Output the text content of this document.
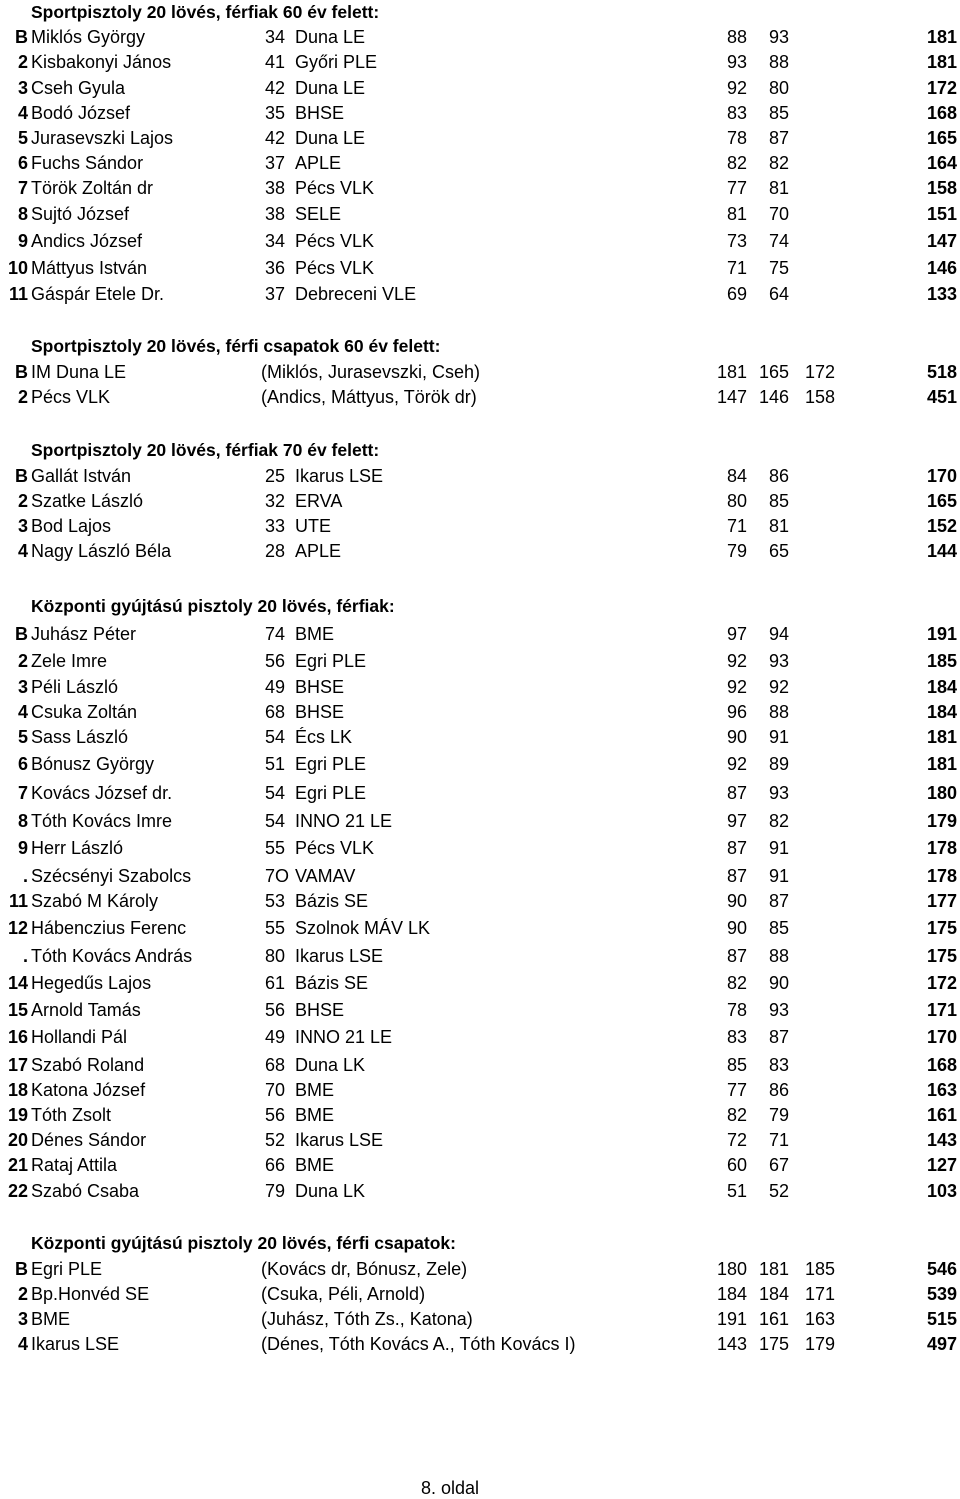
Sportpisztoly 20 lövés, férfiak 60 év felett:
B Miklós György	34 Duna LE	88 93	181
2 Kisbakonyi János	41 Győri PLE	93 88	181
3 Cseh Gyula	42 Duna LE	92 80	172
4 Bodó József	35 BHSE	83 85	168
5 Jurasevszki Lajos	42 Duna LE	78 87	165
6 Fuchs Sándor	37 APLE	82 82	164
7 Török Zoltán dr	38 Pécs VLK	77 81	158
8 Sujtó József	38 SELE	81 70	151
9 Andics József	34 Pécs VLK	73 74	147
10 Máttyus István	36 Pécs VLK	71 75	146
11 Gáspár Etele Dr.	37 Debreceni VLE	69 64	133
Sportpisztoly 20 lövés, férfi csapatok 60 év felett:
B IM Duna LE	(Miklós, Jurasevszki, Cseh)	181 165 172	518
2 Pécs VLK	(Andics, Máttyus, Török dr)	147 146 158	451
Sportpisztoly 20 lövés, férfiak 70 év felett:
B Gallát István	25 Ikarus LSE	84 86	170
2 Szatke László	32 ERVA	80 85	165
3 Bod Lajos	33 UTE	71 81	152
4 Nagy László Béla	28 APLE	79 65	144
Központi gyújtású pisztoly 20 lövés, férfiak:
B Juhász Péter	74 BME	97 94	191
2 Zele Imre	56 Egri PLE	92 93	185
3 Péli László	49 BHSE	92 92	184
4 Csuka Zoltán	68 BHSE	96 88	184
5 Sass László	54 Écs LK	90 91	181
6 Bónusz György	51 Egri PLE	92 89	181
7 Kovács József dr.	54 Egri PLE	87 93	180
8 Tóth Kovács Imre	54 INNO 21 LE	97 82	179
9 Herr László	55 Pécs VLK	87 91	178
. Szécsényi Szabolcs	7O VAMAV	87 91	178
11 Szabó M Károly	53 Bázis SE	90 87	177
12 Hábenczius Ferenc	55 Szolnok MÁV LK	90 85	175
. Tóth Kovács András	80 Ikarus LSE	87 88	175
14 Hegedűs Lajos	61 Bázis SE	82 90	172
15 Arnold Tamás	56 BHSE	78 93	171
16 Hollandi Pál	49 INNO 21 LE	83 87	170
17 Szabó Roland	68 Duna LK	85 83	168
18 Katona József	70 BME	77 86	163
19 Tóth Zsolt	56 BME	82 79	161
20 Dénes Sándor	52 Ikarus LSE	72 71	143
21 Rataj Attila	66 BME	60 67	127
22 Szabó Csaba	79 Duna LK	51 52	103
Központi gyújtású pisztoly 20 lövés, férfi csapatok:
B Egri PLE	(Kovács dr, Bónusz, Zele)	180 181 185	546
2 Bp.Honvéd SE	(Csuka, Péli, Arnold)	184 184 171	539
3 BME	(Juhász, Tóth Zs., Katona)	191 161 163	515
4 Ikarus LSE	(Dénes, Tóth Kovács A., Tóth Kovács I)	143 175 179	497
8. oldal
